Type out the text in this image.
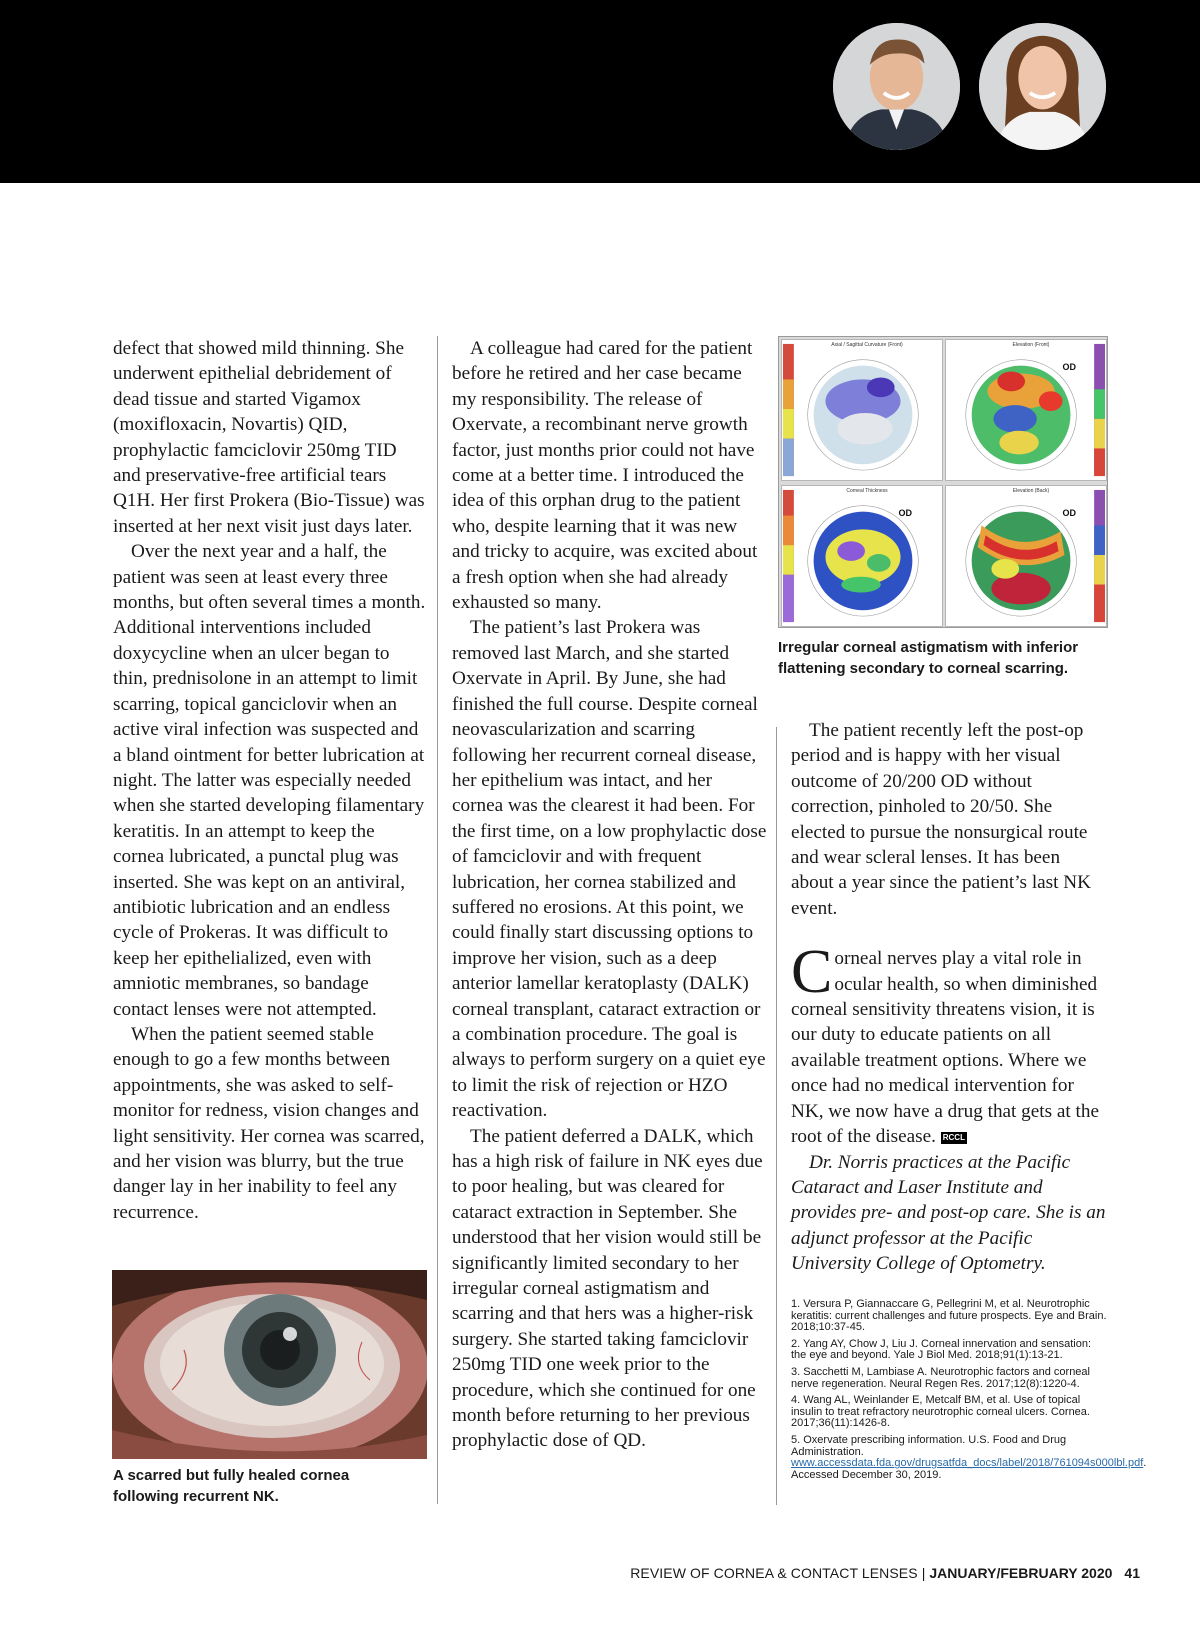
defect that showed mild thinning. She underwent epithelial debridement of dead tissue and started Vigamox (moxifloxacin, Novartis) QID, prophylactic famciclovir 250mg TID and preservative-free artificial tears Q1H. Her first Prokera (Bio-Tissue) was inserted at her next visit just days later.

Over the next year and a half, the patient was seen at least every three months, but often several times a month. Additional interventions included doxycycline when an ulcer began to thin, prednisolone in an attempt to limit scarring, topical ganciclovir when an active viral infection was suspected and a bland ointment for better lubrication at night. The latter was especially needed when she started developing filamentary keratitis. In an attempt to keep the cornea lubricated, a punctal plug was inserted. She was kept on an antiviral, antibiotic lubrication and an endless cycle of Prokeras. It was difficult to keep her epithelialized, even with amniotic membranes, so bandage contact lenses were not attempted.

When the patient seemed stable enough to go a few months between appointments, she was asked to self-monitor for redness, vision changes and light sensitivity. Her cornea was scarred, and her vision was blurry, but the true danger lay in her inability to feel any recurrence.

A colleague had cared for the patient before he retired and her case became my responsibility. The release of Oxervate, a recombinant nerve growth factor, just months prior could not have come at a better time. I introduced the idea of this orphan drug to the patient who, despite learning that it was new and tricky to acquire, was excited about a fresh option when she had already exhausted so many.

The patient’s last Prokera was removed last March, and she started Oxervate in April. By June, she had finished the full course. Despite corneal neovascularization and scarring following her recurrent corneal disease, her epithelium was intact, and her cornea was the clearest it had been. For the first time, on a low prophylactic dose of famciclovir and with frequent lubrication, her cornea stabilized and suffered no erosions. At this point, we could finally start discussing options to improve her vision, such as a deep anterior lamellar keratoplasty (DALK) corneal transplant, cataract extraction or a combination procedure. The goal is always to perform surgery on a quiet eye to limit the risk of rejection or HZO reactivation.

The patient deferred a DALK, which has a high risk of failure in NK eyes due to poor healing, but was cleared for cataract extraction in September. She understood that her vision would still be significantly limited secondary to her irregular corneal astigmatism and scarring and that hers was a higher-risk surgery. She started taking famciclovir 250mg TID one week prior to the procedure, which she continued for one month before returning to her previous prophylactic dose of QD.

The patient recently left the post-op period and is happy with her visual outcome of 20/200 OD without correction, pinholed to 20/50. She elected to pursue the nonsurgical route and wear scleral lenses. It has been about a year since the patient’s last NK event.

Corneal nerves play a vital role in ocular health, so when diminished corneal sensitivity threatens vision, it is our duty to educate patients on all available treatment options. Where we once had no medical intervention for NK, we now have a drug that gets at the root of the disease. RCCL

Dr. Norris practices at the Pacific Cataract and Laser Institute and provides pre- and post-op care. She is an adjunct professor at the Pacific University College of Optometry.

1. Versura P, Giannaccare G, Pellegrini M, et al. Neurotrophic keratitis: current challenges and future prospects. Eye and Brain. 2018;10:37-45.

2. Yang AY, Chow J, Liu J. Corneal innervation and sensation: the eye and beyond. Yale J Biol Med. 2018;91(1):13-21.

3. Sacchetti M, Lambiase A. Neurotrophic factors and corneal nerve regeneration. Neural Regen Res. 2017;12(8):1220-4.

4. Wang AL, Weinlander E, Metcalf BM, et al. Use of topical insulin to treat refractory neurotrophic corneal ulcers. Cornea. 2017;36(11):1426-8.

5. Oxervate prescribing information. U.S. Food and Drug Administration. www.accessdata.fda.gov/drugsatfda_docs/label/2018/761094s000lbl.pdf. Accessed December 30, 2019.

A scarred but fully healed cornea following recurrent NK.
Axial / Sagittal Curvature (Front)	Elevation (Front)
OD
Corneal Thickness
OD
Elevation (Back)
OD
Irregular corneal astigmatism with inferior flattening secondary to corneal scarring.
REVIEW OF CORNEA & CONTACT LENSES | JANUARY/FEBRUARY 2020 41
